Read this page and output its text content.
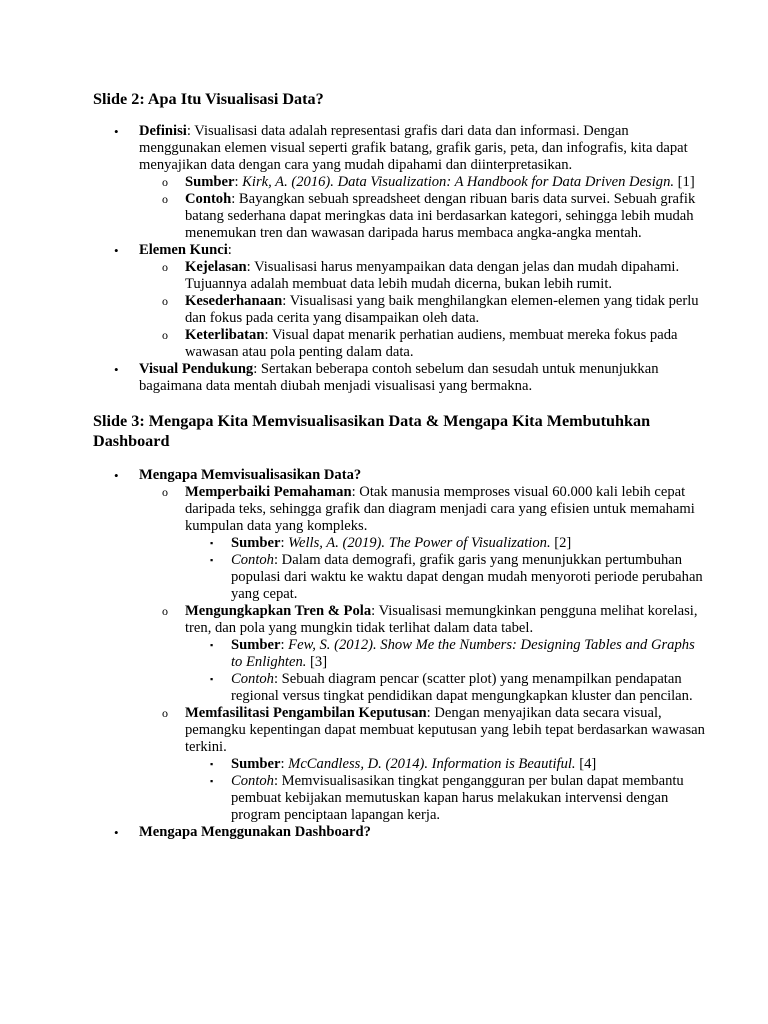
Slide 2: Apa Itu Visualisasi Data?
• Definisi: Visualisasi data adalah representasi grafis dari data dan informasi. Dengan menggunakan elemen visual seperti grafik batang, grafik garis, peta, dan infografis, kita dapat menyajikan data dengan cara yang mudah dipahami dan diinterpretasikan.
o Sumber: Kirk, A. (2016). Data Visualization: A Handbook for Data Driven Design. [1]
o Contoh: Bayangkan sebuah spreadsheet dengan ribuan baris data survei. Sebuah grafik batang sederhana dapat meringkas data ini berdasarkan kategori, sehingga lebih mudah menemukan tren dan wawasan daripada harus membaca angka-angka mentah.
• Elemen Kunci:
o Kejelasan: Visualisasi harus menyampaikan data dengan jelas dan mudah dipahami. Tujuannya adalah membuat data lebih mudah dicerna, bukan lebih rumit.
o Kesederhanaan: Visualisasi yang baik menghilangkan elemen-elemen yang tidak perlu dan fokus pada cerita yang disampaikan oleh data.
o Keterlibatan: Visual dapat menarik perhatian audiens, membuat mereka fokus pada wawasan atau pola penting dalam data.
• Visual Pendukung: Sertakan beberapa contoh sebelum dan sesudah untuk menunjukkan bagaimana data mentah diubah menjadi visualisasi yang bermakna.
Slide 3: Mengapa Kita Memvisualisasikan Data & Mengapa Kita Membutuhkan Dashboard
• Mengapa Memvisualisasikan Data?
o Memperbaiki Pemahaman: Otak manusia memproses visual 60.000 kali lebih cepat daripada teks, sehingga grafik dan diagram menjadi cara yang efisien untuk memahami kumpulan data yang kompleks.
▪ Sumber: Wells, A. (2019). The Power of Visualization. [2]
▪ Contoh: Dalam data demografi, grafik garis yang menunjukkan pertumbuhan populasi dari waktu ke waktu dapat dengan mudah menyoroti periode perubahan yang cepat.
o Mengungkapkan Tren & Pola: Visualisasi memungkinkan pengguna melihat korelasi, tren, dan pola yang mungkin tidak terlihat dalam data tabel.
▪ Sumber: Few, S. (2012). Show Me the Numbers: Designing Tables and Graphs to Enlighten. [3]
▪ Contoh: Sebuah diagram pencar (scatter plot) yang menampilkan pendapatan regional versus tingkat pendidikan dapat mengungkapkan kluster dan pencilan.
o Memfasilitasi Pengambilan Keputusan: Dengan menyajikan data secara visual, pemangku kepentingan dapat membuat keputusan yang lebih tepat berdasarkan wawasan terkini.
▪ Sumber: McCandless, D. (2014). Information is Beautiful. [4]
▪ Contoh: Memvisualisasikan tingkat pengangguran per bulan dapat membantu pembuat kebijakan memutuskan kapan harus melakukan intervensi dengan program penciptaan lapangan kerja.
• Mengapa Menggunakan Dashboard?
